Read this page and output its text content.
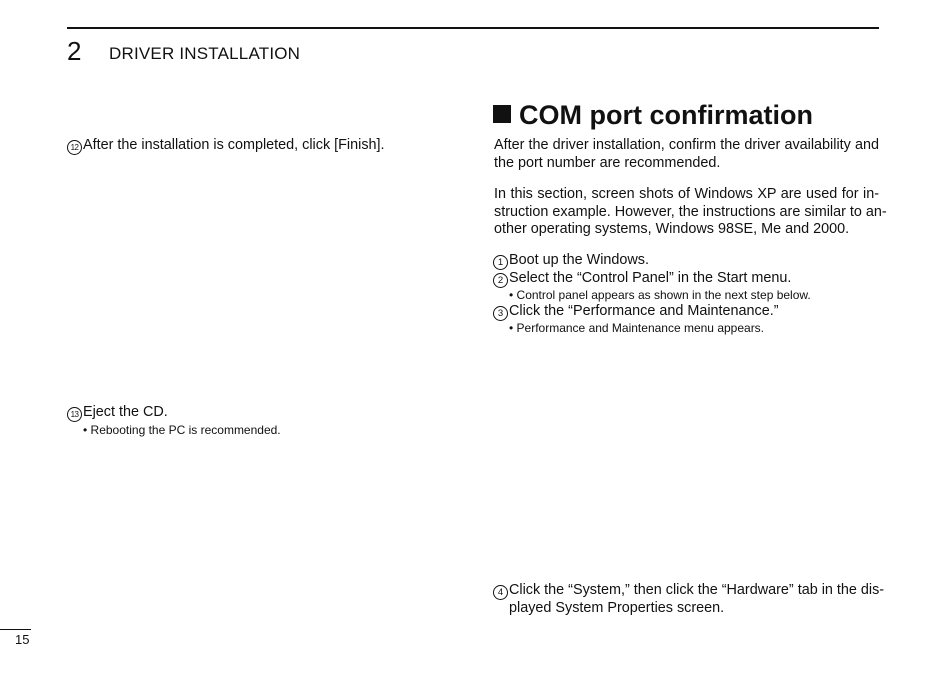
2 DRIVER INSTALLATION
12 After the installation is completed, click [Finish].
13 Eject the CD.
• Rebooting the PC is recommended.
COM port confirmation
After the driver installation, confirm the driver availability and
the port number are recommended.
In this section, screen shots of Windows XP are used for in-
struction example. However, the instructions are similar to an-
other operating systems, Windows 98SE, Me and 2000.
1 Boot up the Windows.
2 Select the “Control Panel” in the Start menu.
• Control panel appears as shown in the next step below.
3 Click the “Performance and Maintenance.”
• Performance and Maintenance menu appears.
4 Click the “System,” then click the “Hardware” tab in the dis-
played System Properties screen.
15
